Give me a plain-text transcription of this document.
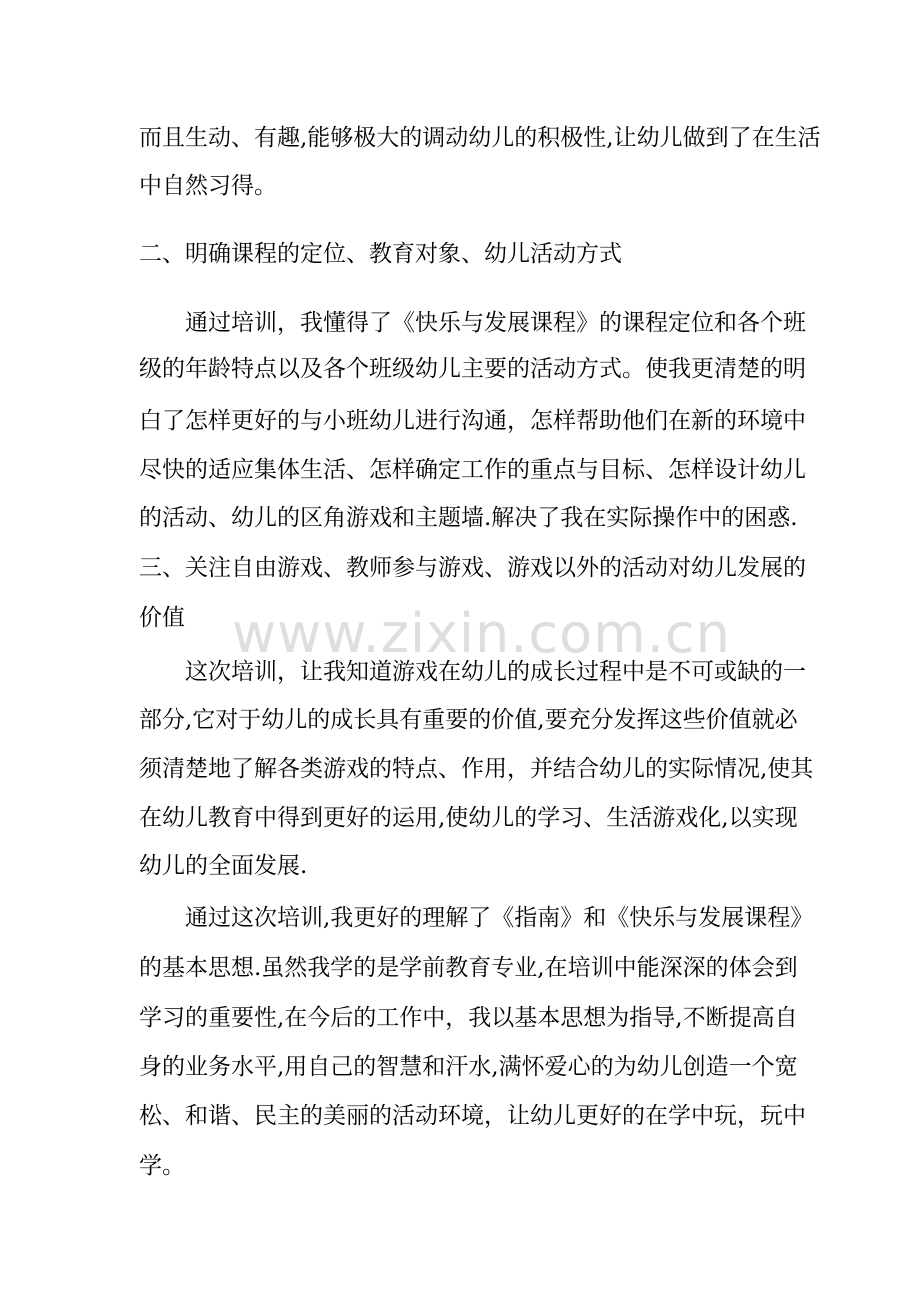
而且生动、有趣,能够极大的调动幼儿的积极性,让幼儿做到了在生活
中自然习得。
二、明确课程的定位、教育对象、幼儿活动方式
通过培训，我懂得了《快乐与发展课程》的课程定位和各个班
级的年龄特点以及各个班级幼儿主要的活动方式。使我更清楚的明
白了怎样更好的与小班幼儿进行沟通，怎样帮助他们在新的环境中
尽快的适应集体生活、怎样确定工作的重点与目标、怎样设计幼儿
的活动、幼儿的区角游戏和主题墙.解决了我在实际操作中的困惑.
三、关注自由游戏、教师参与游戏、游戏以外的活动对幼儿发展的
价值
这次培训，让我知道游戏在幼儿的成长过程中是不可或缺的一
部分,它对于幼儿的成长具有重要的价值,要充分发挥这些价值就必
须清楚地了解各类游戏的特点、作用，并结合幼儿的实际情况,使其
在幼儿教育中得到更好的运用,使幼儿的学习、生活游戏化,以实现
幼儿的全面发展.
通过这次培训,我更好的理解了《指南》和《快乐与发展课程》
的基本思想.虽然我学的是学前教育专业,在培训中能深深的体会到
学习的重要性,在今后的工作中，我以基本思想为指导,不断提高自
身的业务水平,用自己的智慧和汗水,满怀爱心的为幼儿创造一个宽
松、和谐、民主的美丽的活动环境，让幼儿更好的在学中玩，玩中
学。
www.zixin.com.cn
